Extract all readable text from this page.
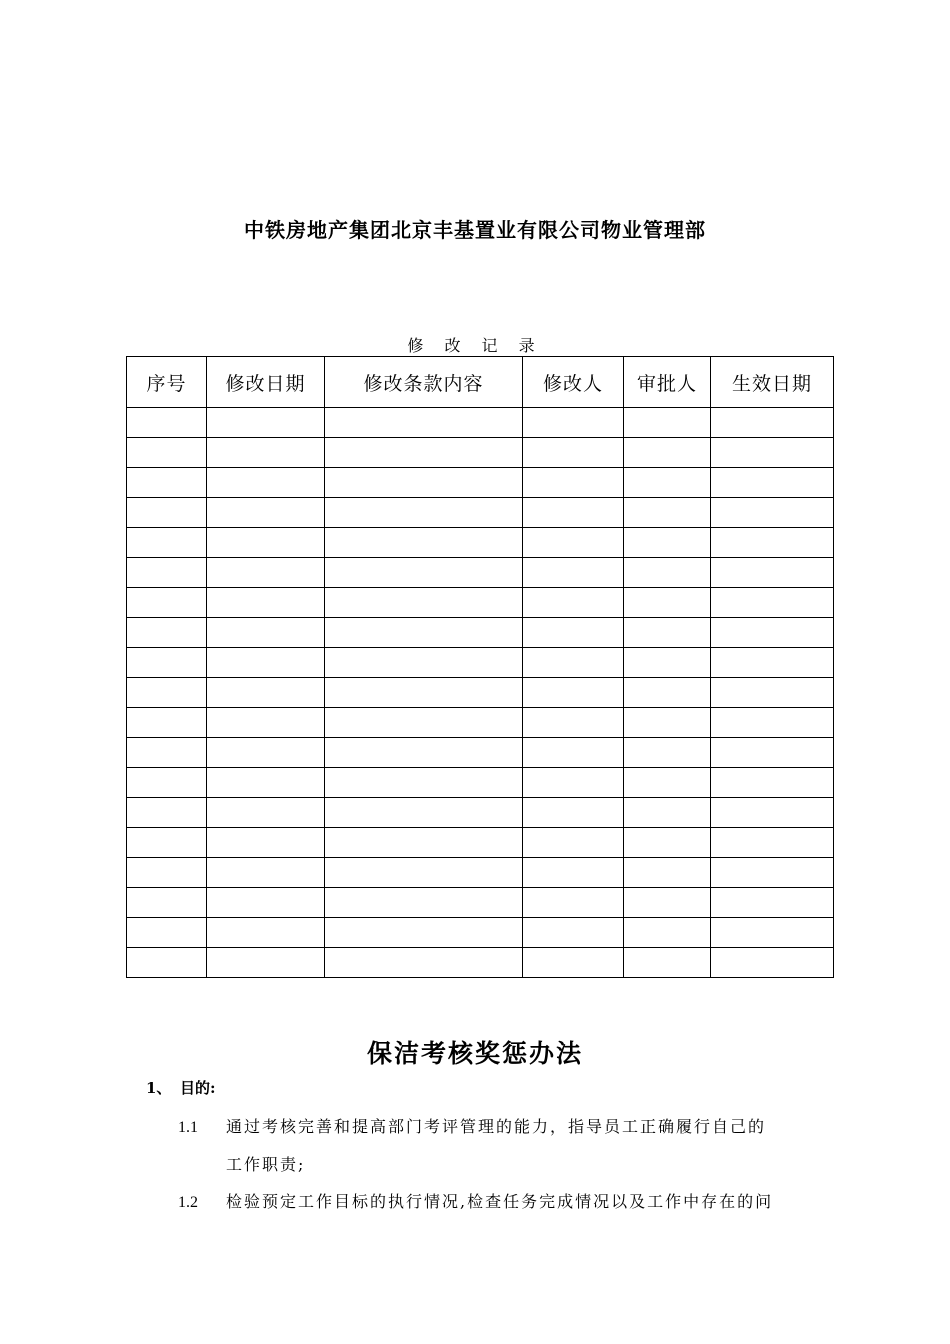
中铁房地产集团北京丰基置业有限公司物业管理部
修 改 记 录
序号	修改日期	修改条款内容	修改人	审批人	生效日期

保洁考核奖惩办法
1、 目的:
1.1 通过考核完善和提高部门考评管理的能力，指导员工正确履行自己的
工作职责;
1.2 检验预定工作目标的执行情况,检查任务完成情况以及工作中存在的问
